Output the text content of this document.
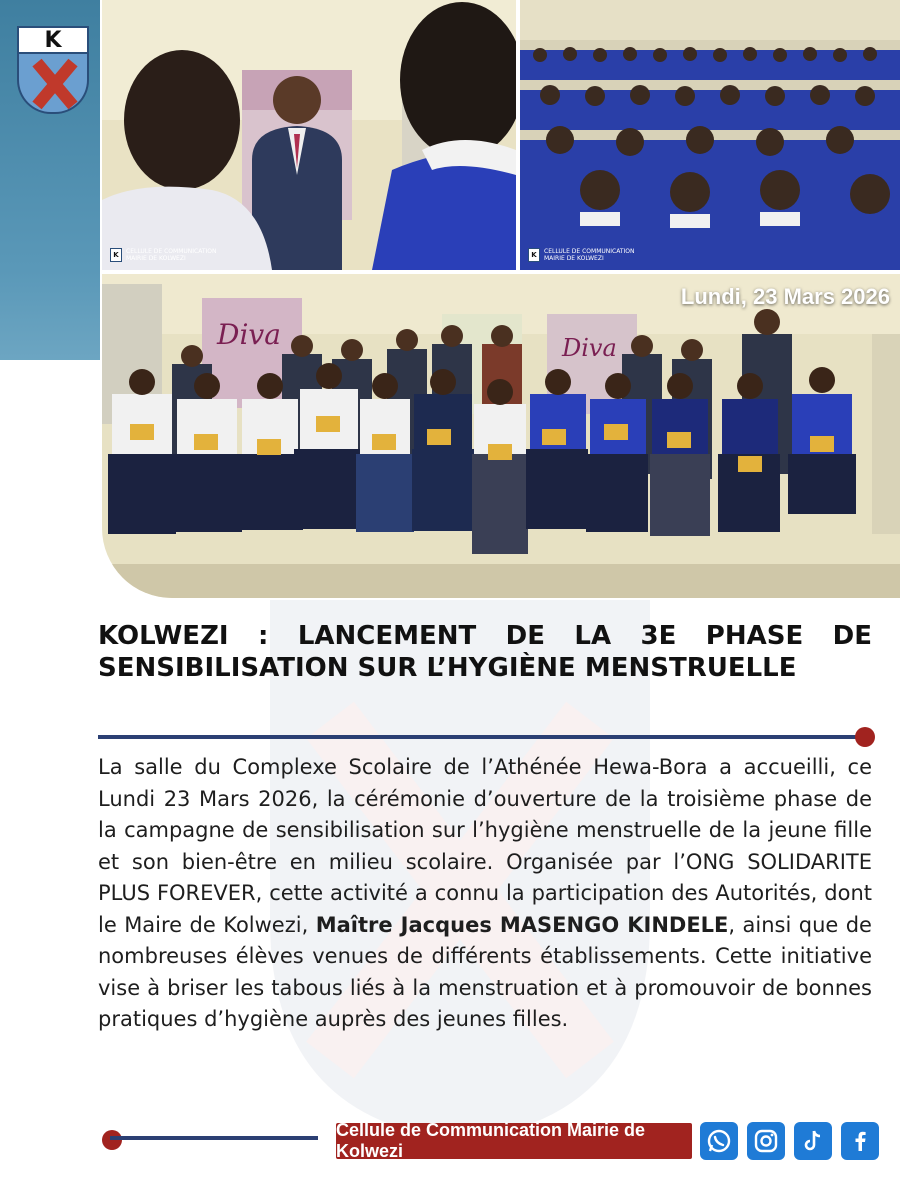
K
K	CELLULE DE COMMUNICATION
MAIRIE DE KOLWEZI	K	CELLULE DE COMMUNICATION
MAIRIE DE KOLWEZI
Diva	Diva
Lundi, 23 Mars 2026
KOLWEZI : LANCEMENT DE LA 3E PHASE DE SENSIBILISATION SUR L’HYGIÈNE MENSTRUELLE

La salle du Complexe Scolaire de l’Athénée Hewa-Bora a accueilli, ce Lundi 23 Mars 2026, la cérémonie d’ouverture de la troisième phase de la campagne de sensibilisation sur l’hygiène menstruelle de la jeune fille et son bien-être en milieu scolaire. Organisée par l’ONG SOLIDARITE PLUS FOREVER, cette activité a connu la participation des Autorités, dont le Maire de Kolwezi, Maître Jacques MASENGO KINDELE, ainsi que de nombreuses élèves venues de différents établissements. Cette initiative vise à briser les tabous liés à la menstruation et à promouvoir de bonnes pratiques d’hygiène auprès des jeunes filles.

Cellule de Communication Mairie de Kolwezi
